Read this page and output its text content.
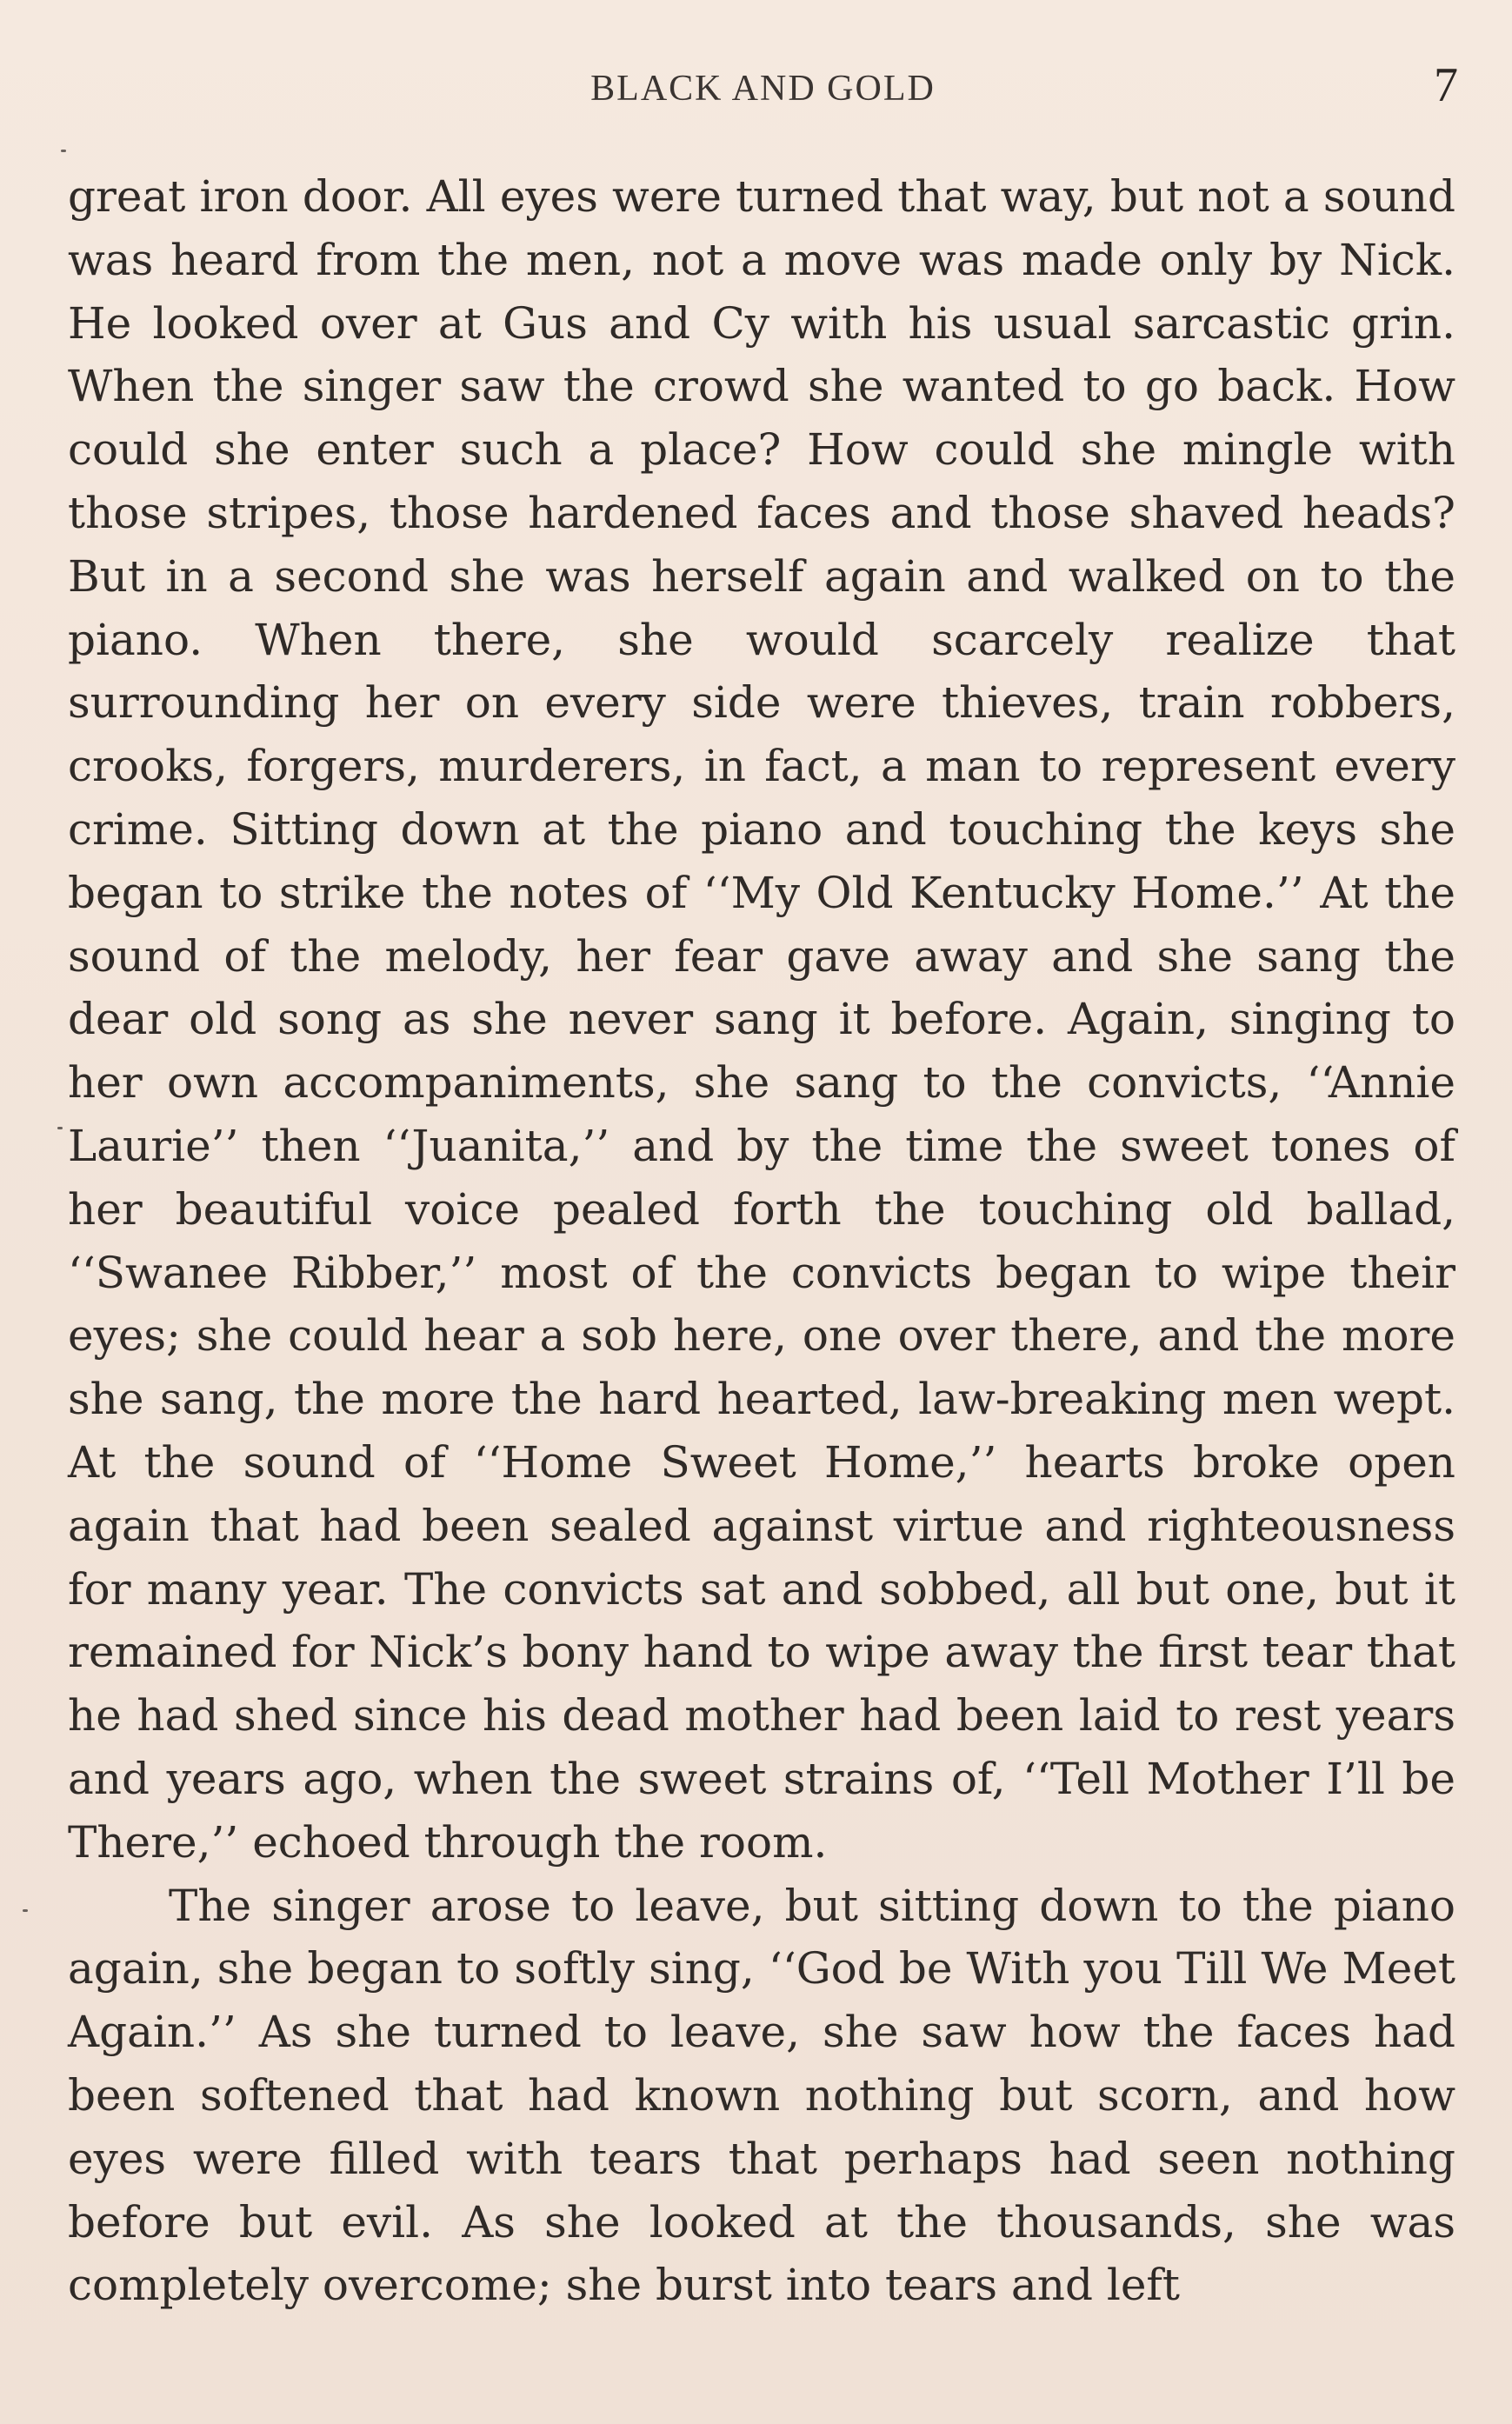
BLACK AND GOLD	7

great iron door. All eyes were turned that way, but not a sound was heard from the men, not a move was made only by Nick. He looked over at Gus and Cy with his usual sarcastic grin. When the singer saw the crowd she wanted to go back. How could she enter such a place? How could she mingle with those stripes, those hardened faces and those shaved heads? But in a second she was herself again and walked on to the piano. When there, she would scarcely realize that surrounding her on every side were thieves, train robbers, crooks, forgers, murderers, in fact, a man to represent every crime. Sitting down at the piano and touching the keys she began to strike the notes of ‘‘My Old Kentucky Home.’’ At the sound of the melody, her fear gave away and she sang the dear old song as she never sang it before. Again, singing to her own accompaniments, she sang to the convicts, ‘‘Annie Laurie’’ then ‘‘Juanita,’’ and by the time the sweet tones of her beautiful voice pealed forth the touching old ballad, ‘‘Swanee Ribber,’’ most of the convicts began to wipe their eyes; she could hear a sob here, one over there, and the more she sang, the more the hard hearted, law-breaking men wept. At the sound of ‘‘Home Sweet Home,’’ hearts broke open again that had been sealed against virtue and righteousness for many year. The convicts sat and sobbed, all but one, but it remained for Nick’s bony hand to wipe away the first tear that he had shed since his dead mother had been laid to rest years and years ago, when the sweet strains of, ‘‘Tell Mother I’ll be There,’’ echoed through the room.

The singer arose to leave, but sitting down to the piano again, she began to softly sing, ‘‘God be With you Till We Meet Again.’’ As she turned to leave, she saw how the faces had been softened that had known nothing but scorn, and how eyes were filled with tears that perhaps had seen nothing before but evil. As she looked at the thousands, she was completely overcome; she burst into tears and left
